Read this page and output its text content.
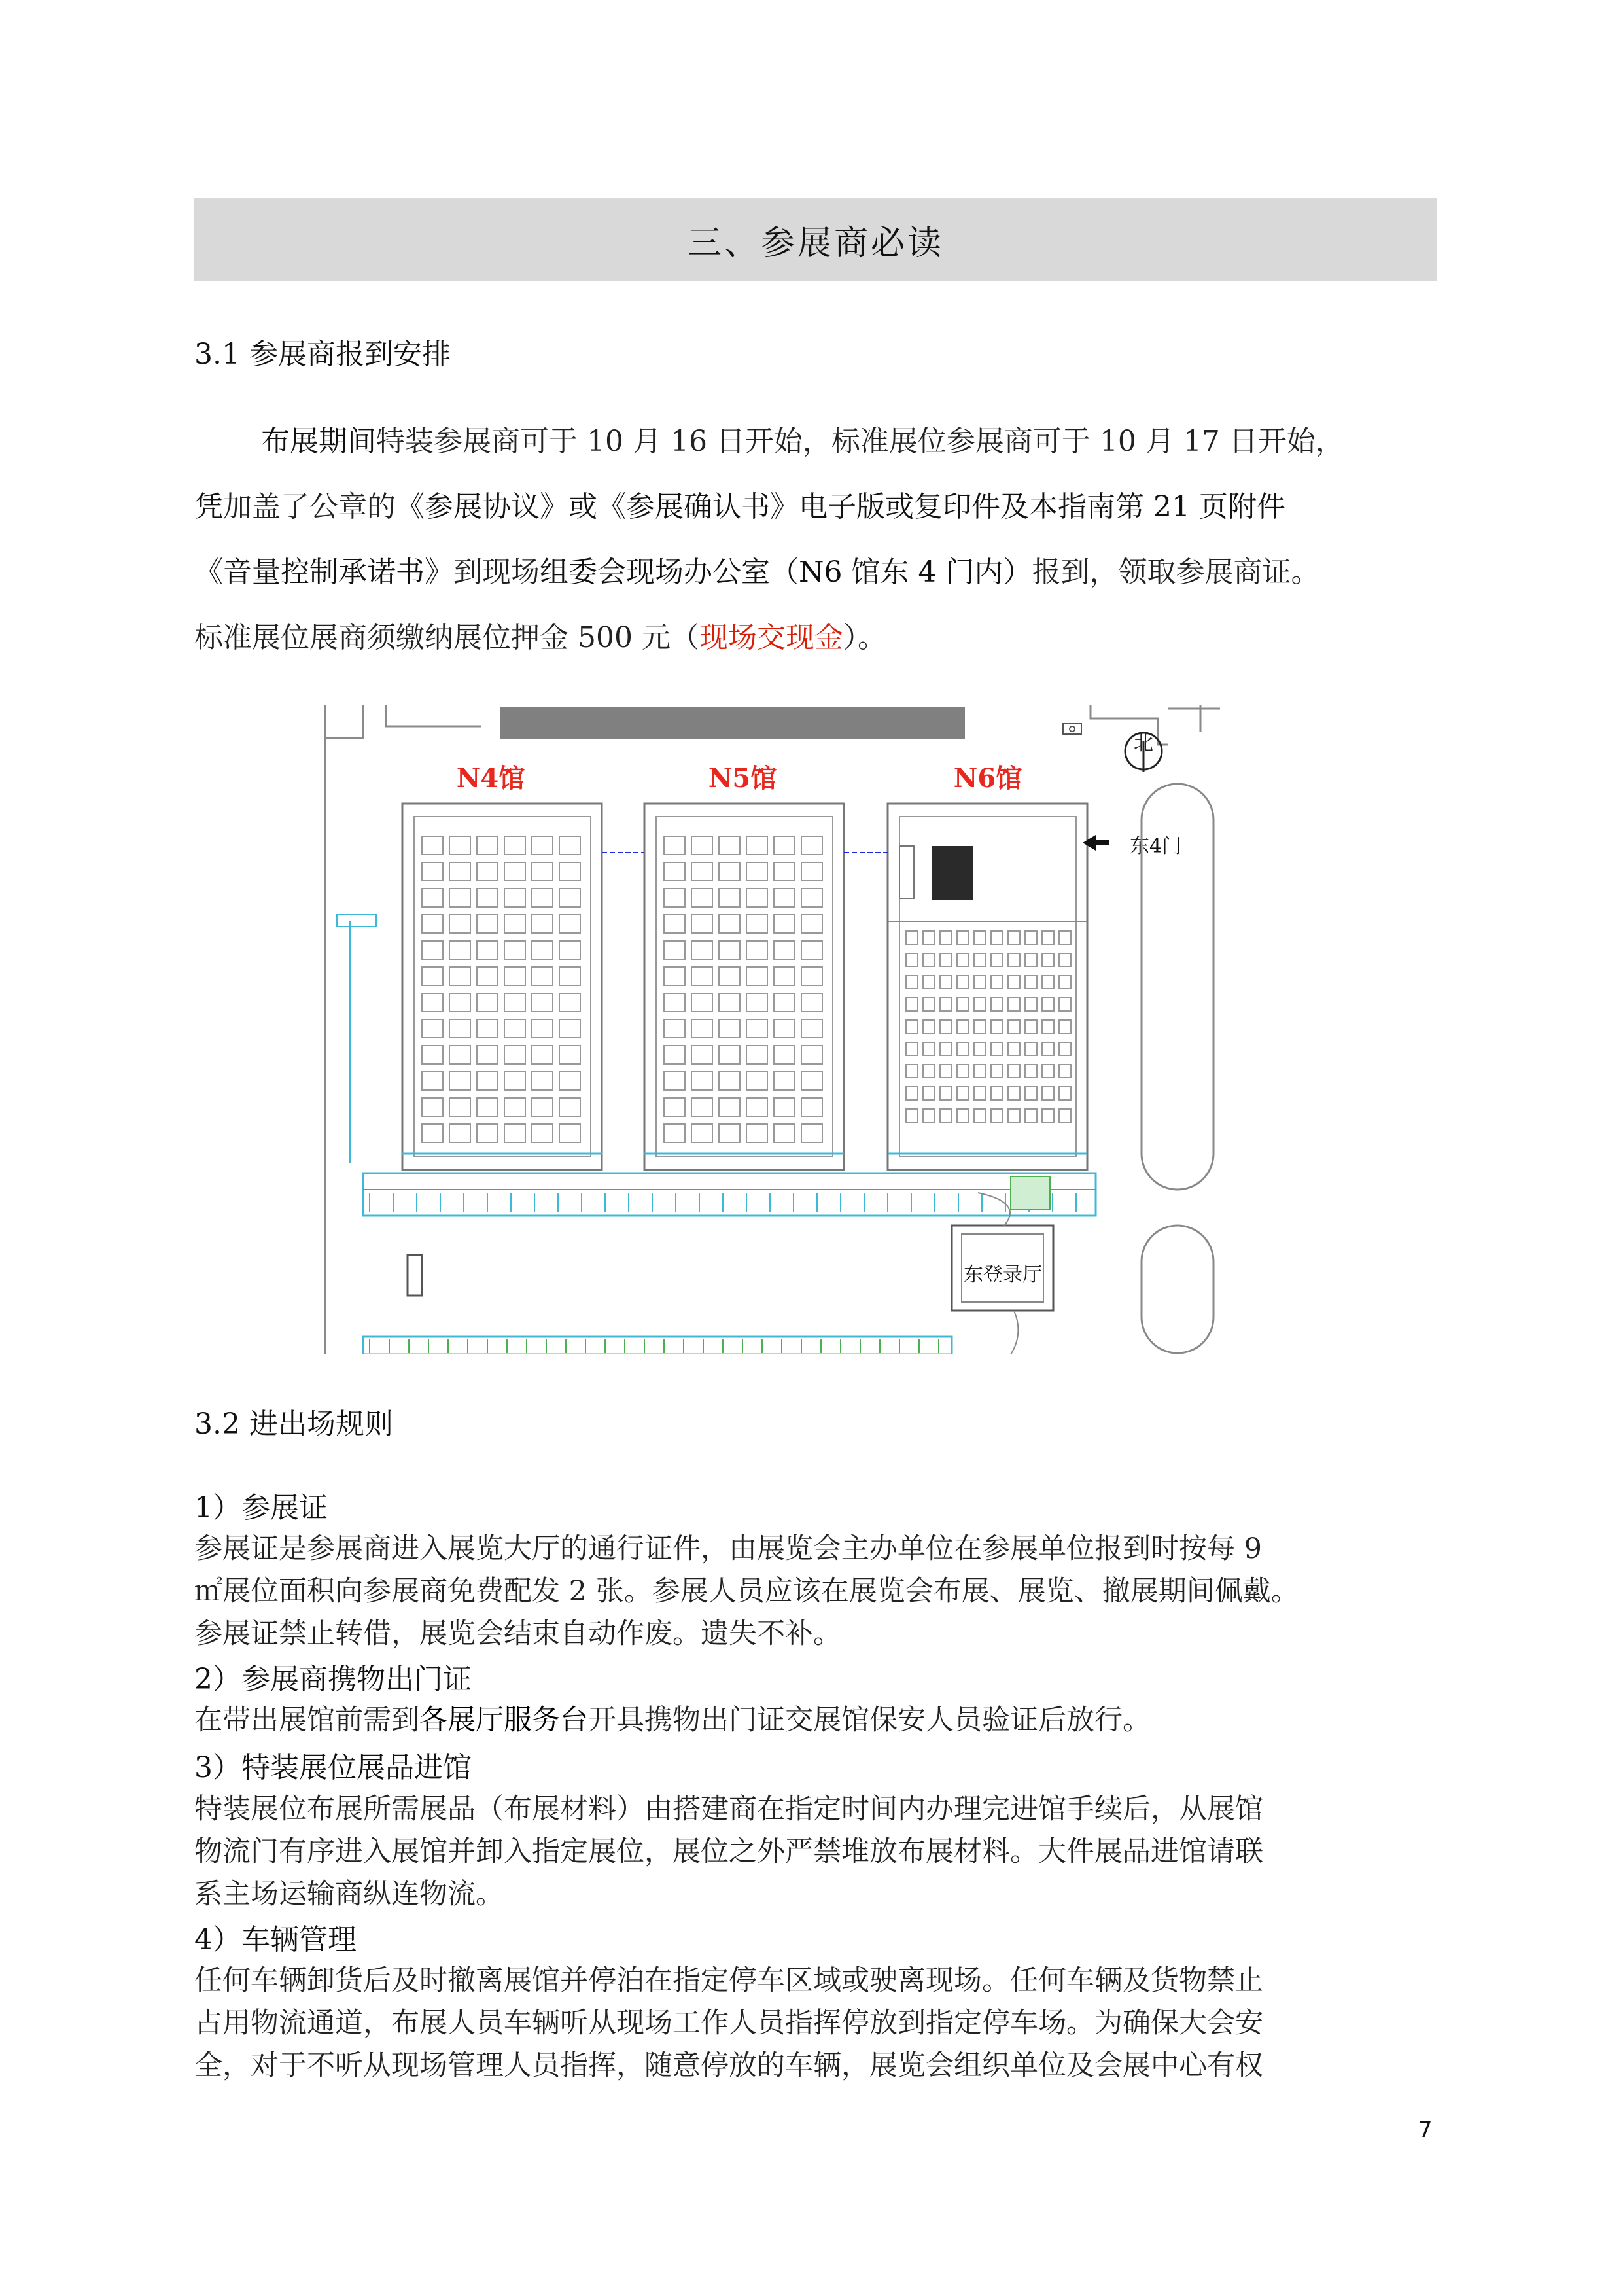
三、参展商必读
3.1 参展商报到安排
布展期间特装参展商可于 10 月 16 日开始，标准展位参展商可于 10 月 17 日开始，
凭加盖了公章的《参展协议》或《参展确认书》电子版或复印件及本指南第 21 页附件
《音量控制承诺书》到现场组委会现场办公室（N6 馆东 4 门内）报到，领取参展商证。
标准展位展商须缴纳展位押金 500 元（现场交现金）。
北
N4馆	N5馆	N6馆
东4门
东登录厅
3.2 进出场规则
1）参展证
参展证是参展商进入展览大厅的通行证件，由展览会主办单位在参展单位报到时按每 9
㎡展位面积向参展商免费配发 2 张。参展人员应该在展览会布展、展览、撤展期间佩戴。
参展证禁止转借，展览会结束自动作废。遗失不补。
2）参展商携物出门证
在带出展馆前需到各展厅服务台开具携物出门证交展馆保安人员验证后放行。
3）特装展位展品进馆
特装展位布展所需展品（布展材料）由搭建商在指定时间内办理完进馆手续后，从展馆
物流门有序进入展馆并卸入指定展位，展位之外严禁堆放布展材料。大件展品进馆请联
系主场运输商纵连物流。
4）车辆管理
任何车辆卸货后及时撤离展馆并停泊在指定停车区域或驶离现场。任何车辆及货物禁止
占用物流通道，布展人员车辆听从现场工作人员指挥停放到指定停车场。为确保大会安
全，对于不听从现场管理人员指挥，随意停放的车辆，展览会组织单位及会展中心有权
7
